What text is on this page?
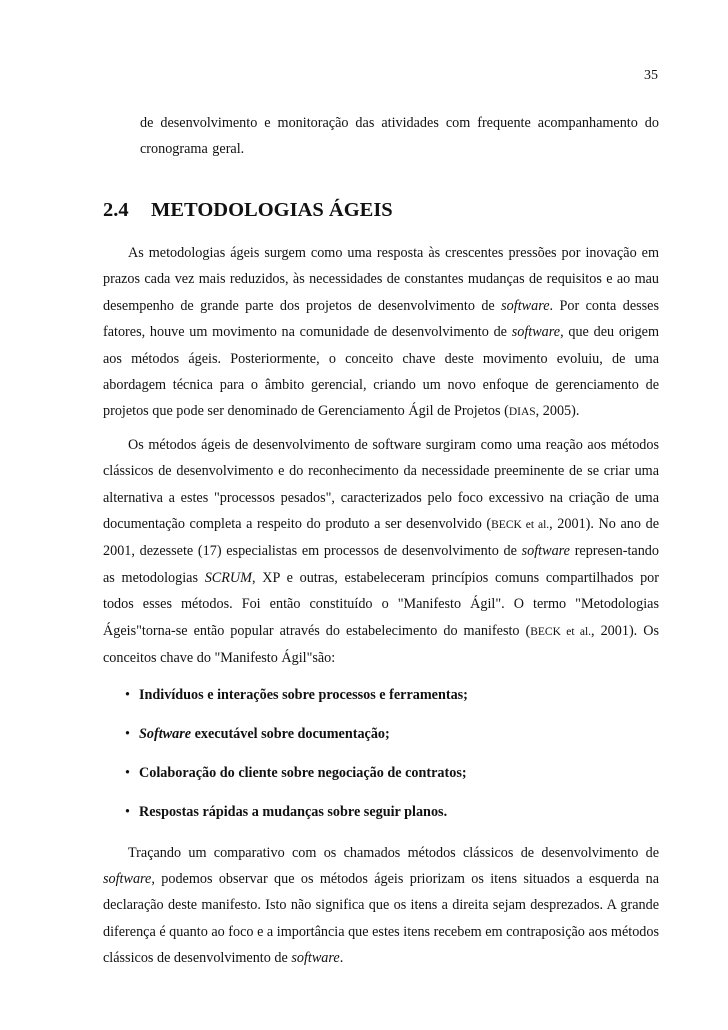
35

de desenvolvimento e monitoração das atividades com frequente acompanhamento do cronograma geral.

2.4 METODOLOGIAS ÁGEIS

As metodologias ágeis surgem como uma resposta às crescentes pressões por inovação em prazos cada vez mais reduzidos, às necessidades de constantes mudanças de requisitos e ao mau desempenho de grande parte dos projetos de desenvolvimento de software. Por conta desses fatores, houve um movimento na comunidade de desenvolvimento de software, que deu origem aos métodos ágeis. Posteriormente, o conceito chave deste movimento evoluiu, de uma abordagem técnica para o âmbito gerencial, criando um novo enfoque de gerenciamento de projetos que pode ser denominado de Gerenciamento Ágil de Projetos (DIAS, 2005).

Os métodos ágeis de desenvolvimento de software surgiram como uma reação aos métodos clássicos de desenvolvimento e do reconhecimento da necessidade preeminente de se criar uma alternativa a estes "processos pesados", caracterizados pelo foco excessivo na criação de uma documentação completa a respeito do produto a ser desenvolvido (BECK et al., 2001). No ano de 2001, dezessete (17) especialistas em processos de desenvolvimento de software represen-tando as metodologias SCRUM, XP e outras, estabeleceram princípios comuns compartilhados por todos esses métodos. Foi então constituído o "Manifesto Ágil". O termo "Metodologias Ágeis"torna-se então popular através do estabelecimento do manifesto (BECK et al., 2001). Os conceitos chave do "Manifesto Ágil"são:

• Indivíduos e interações sobre processos e ferramentas;
• Software executável sobre documentação;
• Colaboração do cliente sobre negociação de contratos;
• Respostas rápidas a mudanças sobre seguir planos.

Traçando um comparativo com os chamados métodos clássicos de desenvolvimento de software, podemos observar que os métodos ágeis priorizam os itens situados a esquerda na declaração deste manifesto. Isto não significa que os itens a direita sejam desprezados. A grande diferença é quanto ao foco e a importância que estes itens recebem em contraposição aos métodos clássicos de desenvolvimento de software.
